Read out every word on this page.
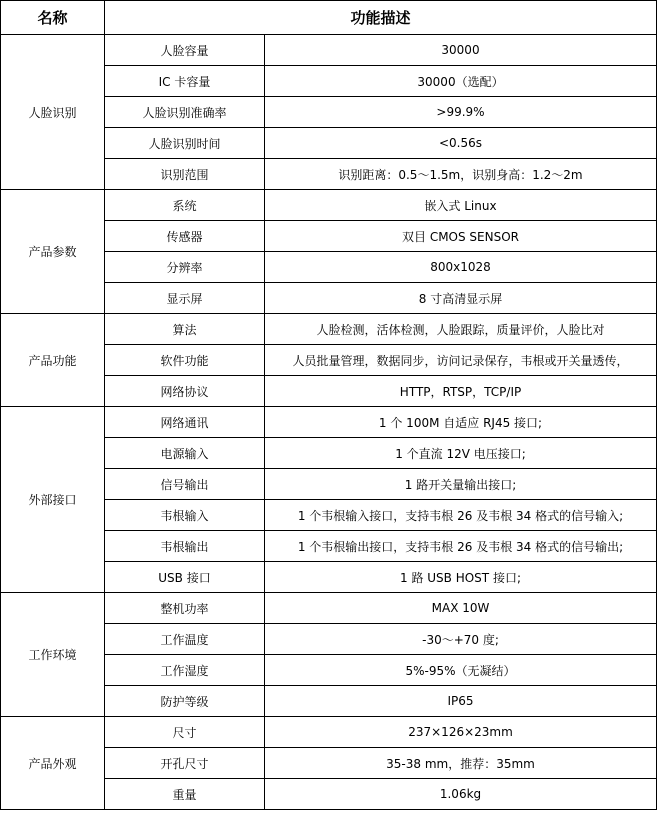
名称	功能描述	
人脸识别	人脸容量	30000
	IC 卡容量	30000（选配）
	人脸识别准确率	>99.9%
	人脸识别时间	<0.56s
	识别范围	识别距离：0.5～1.5m，识别身高：1.2～2m
产品参数	系统	嵌入式 Linux
	传感器	双目 CMOS SENSOR
	分辨率	800x1028
	显示屏	8 寸高清显示屏
产品功能	算法	人脸检测，活体检测，人脸跟踪，质量评价，人脸比对
	软件功能	人员批量管理，数据同步，访问记录保存，韦根或开关量透传，
	网络协议	HTTP，RTSP，TCP/IP
外部接口	网络通讯	1 个 100M 自适应 RJ45 接口;
	电源输入	1 个直流 12V 电压接口;
	信号输出	1 路开关量输出接口;
	韦根输入	1 个韦根输入接口，支持韦根 26 及韦根 34 格式的信号输入;
	韦根输出	1 个韦根输出接口，支持韦根 26 及韦根 34 格式的信号输出;
	USB 接口	1 路 USB HOST 接口;
工作环境	整机功率	MAX 10W
	工作温度	-30～+70 度;
	工作湿度	5%-95%（无凝结）
	防护等级	IP65
产品外观	尺寸	237×126×23mm
	开孔尺寸	35-38 mm，推荐：35mm
	重量	1.06kg
